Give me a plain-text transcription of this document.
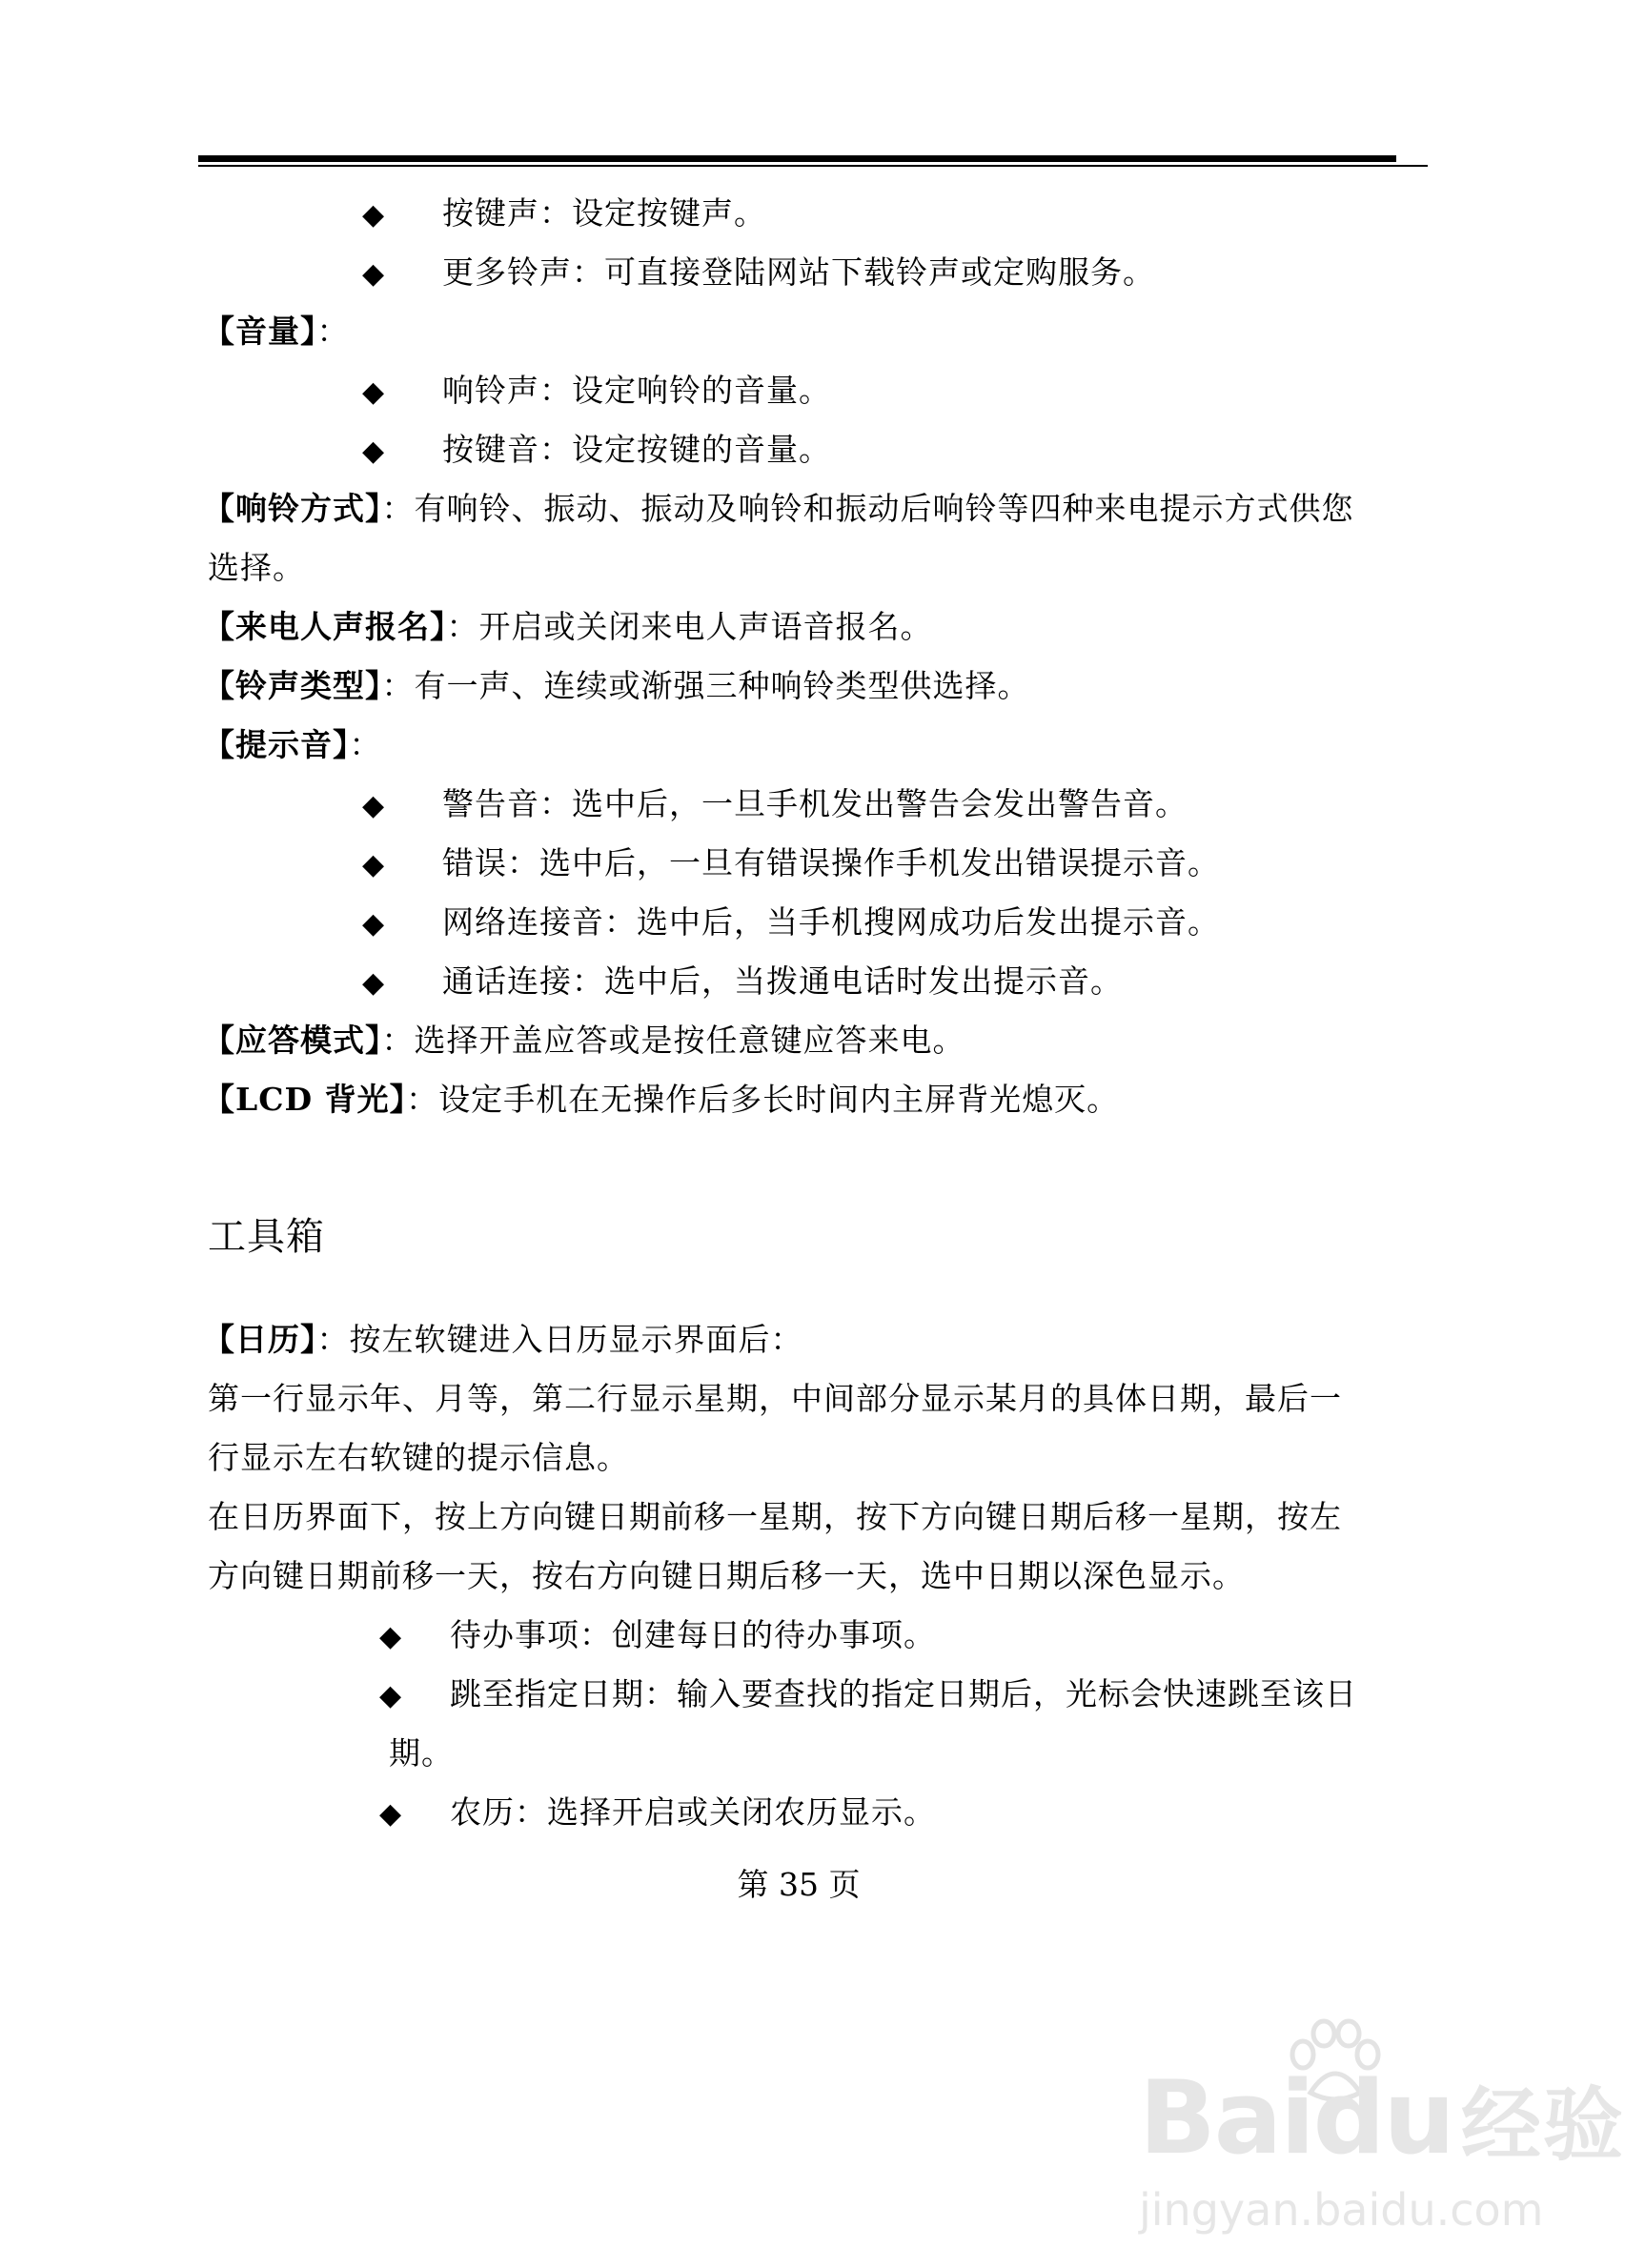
◆ 按键声：设定按键声。
◆ 更多铃声：可直接登陆网站下载铃声或定购服务。
【音量】：
◆ 响铃声：设定响铃的音量。
◆ 按键音：设定按键的音量。
【响铃方式】：有响铃、振动、振动及响铃和振动后响铃等四种来电提示方式供您
选择。
【来电人声报名】：开启或关闭来电人声语音报名。
【铃声类型】：有一声、连续或渐强三种响铃类型供选择。
【提示音】：
◆ 警告音：选中后，一旦手机发出警告会发出警告音。
◆ 错误：选中后，一旦有错误操作手机发出错误提示音。
◆ 网络连接音：选中后，当手机搜网成功后发出提示音。
◆ 通话连接：选中后，当拨通电话时发出提示音。
【应答模式】：选择开盖应答或是按任意键应答来电。
【LCD 背光】：设定手机在无操作后多长时间内主屏背光熄灭。
工具箱
【日历】：按左软键进入日历显示界面后：
第一行显示年、月等，第二行显示星期，中间部分显示某月的具体日期，最后一
行显示左右软键的提示信息。
在日历界面下，按上方向键日期前移一星期，按下方向键日期后移一星期，按左
方向键日期前移一天，按右方向键日期后移一天，选中日期以深色显示。
◆ 待办事项：创建每日的待办事项。
◆ 跳至指定日期：输入要查找的指定日期后，光标会快速跳至该日
期。
◆ 农历：选择开启或关闭农历显示。
第 35 页
Baidu经验
jingyan.baidu.com
